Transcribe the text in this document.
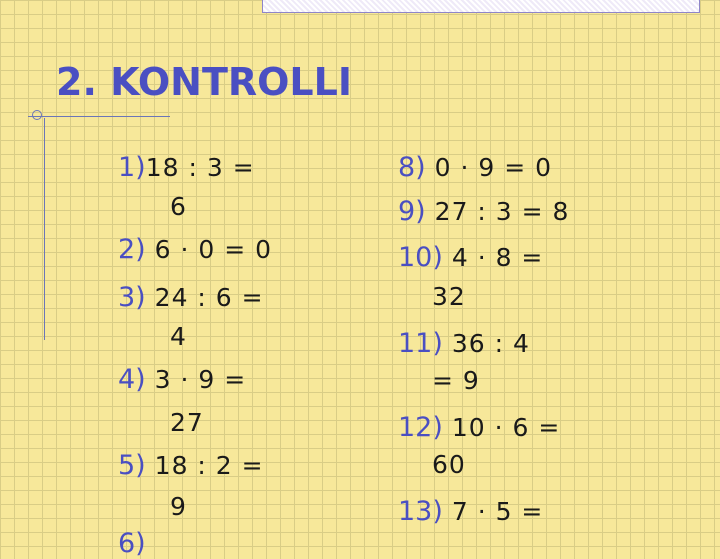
2. KONTROLLI
1)18 : 3 =
6
2) 6 · 0 = 0
3) 24 : 6 =
4
4) 3 · 9 =
27
5) 18 : 2 =
9
6)
8) 0 · 9 = 0
9) 27 : 3 = 8
10) 4 · 8 =
32
11) 36 : 4
= 9
12) 10 · 6 =
60
13) 7 · 5 =
